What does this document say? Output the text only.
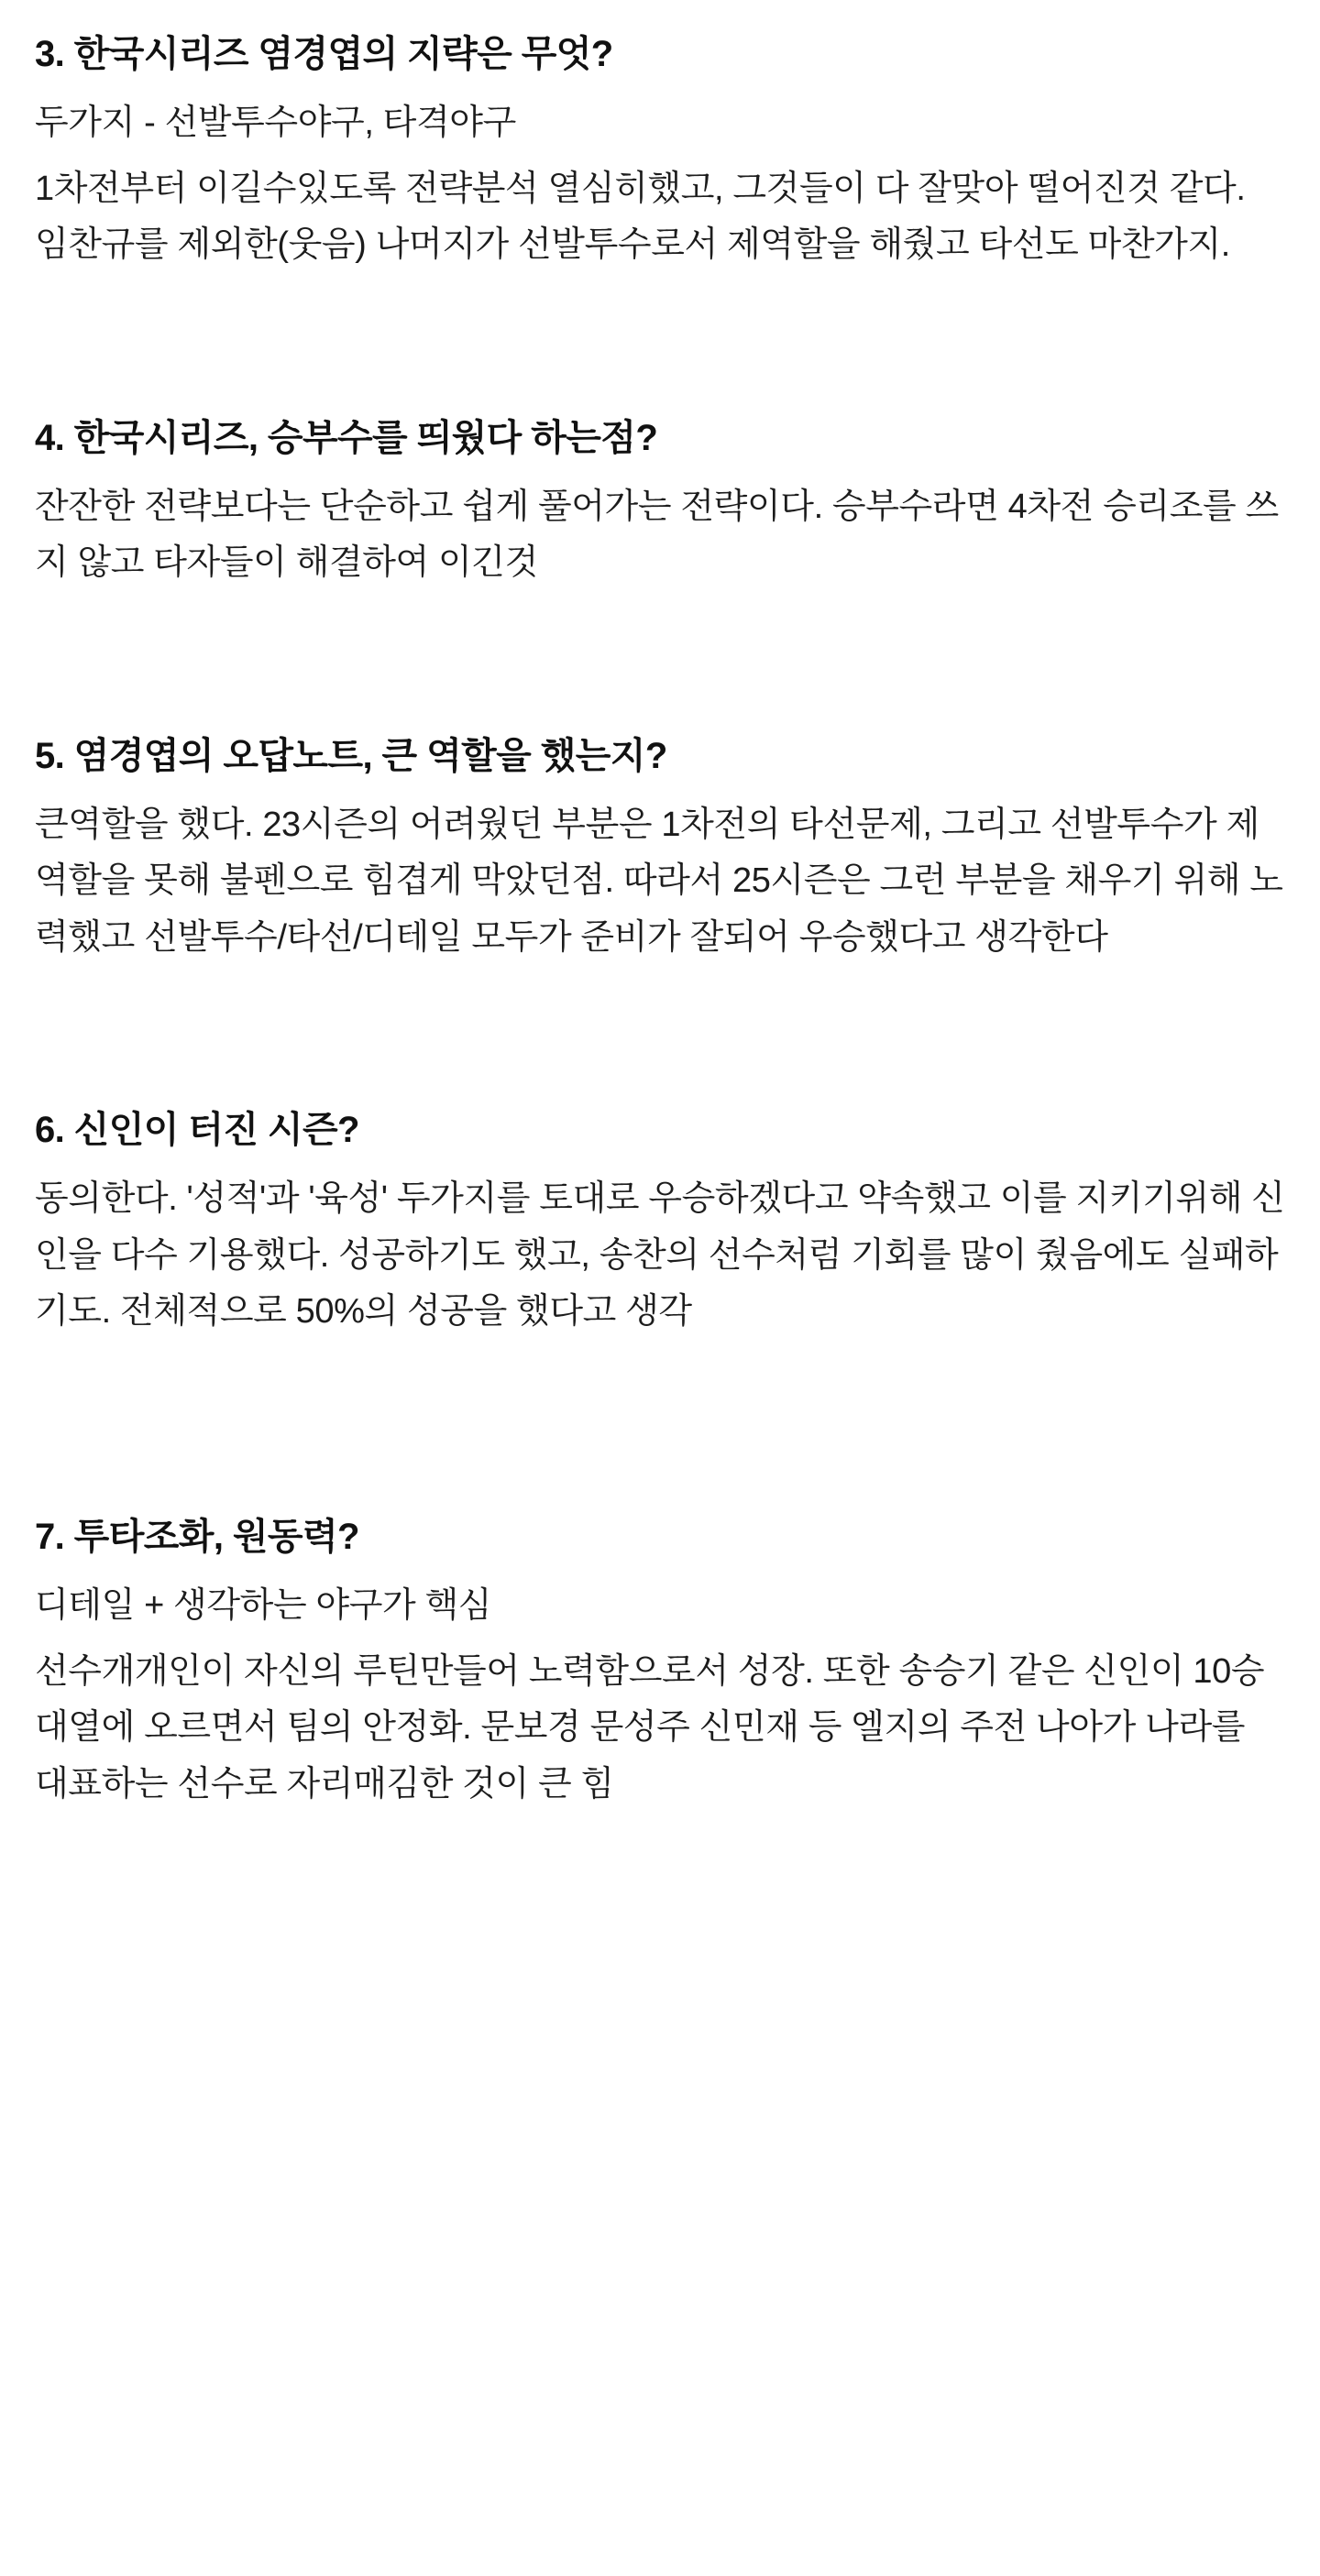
3. 한국시리즈 염경엽의 지략은 무엇?

두가지 - 선발투수야구, 타격야구

1차전부터 이길수있도록 전략분석 열심히했고, 그것들이 다 잘맞아 떨어진것 같다. 임찬규를 제외한(웃음) 나머지가 선발투수로서 제역할을 해줬고 타선도 마찬가지.

4. 한국시리즈, 승부수를 띄웠다 하는점?

잔잔한 전략보다는 단순하고 쉽게 풀어가는 전략이다. 승부수라면 4차전 승리조를 쓰지 않고 타자들이 해결하여 이긴것

5. 염경엽의 오답노트, 큰 역할을 했는지?

큰역할을 했다. 23시즌의 어려웠던 부분은 1차전의 타선문제, 그리고 선발투수가 제역할을 못해 불펜으로 힘겹게 막았던점. 따라서 25시즌은 그런 부분을 채우기 위해 노력했고 선발투수/타선/디테일 모두가 준비가 잘되어 우승했다고 생각한다

6. 신인이 터진 시즌?

동의한다. '성적'과 '육성' 두가지를 토대로 우승하겠다고 약속했고 이를 지키기위해 신인을 다수 기용했다. 성공하기도 했고, 송찬의 선수처럼 기회를 많이 줬음에도 실패하기도. 전체적으로 50%의 성공을 했다고 생각

7. 투타조화, 원동력?

디테일 + 생각하는 야구가 핵심

선수개개인이 자신의 루틴만들어 노력함으로서 성장. 또한 송승기 같은 신인이 10승대열에 오르면서 팀의 안정화. 문보경 문성주 신민재 등 엘지의 주전 나아가 나라를 대표하는 선수로 자리매김한 것이 큰 힘
